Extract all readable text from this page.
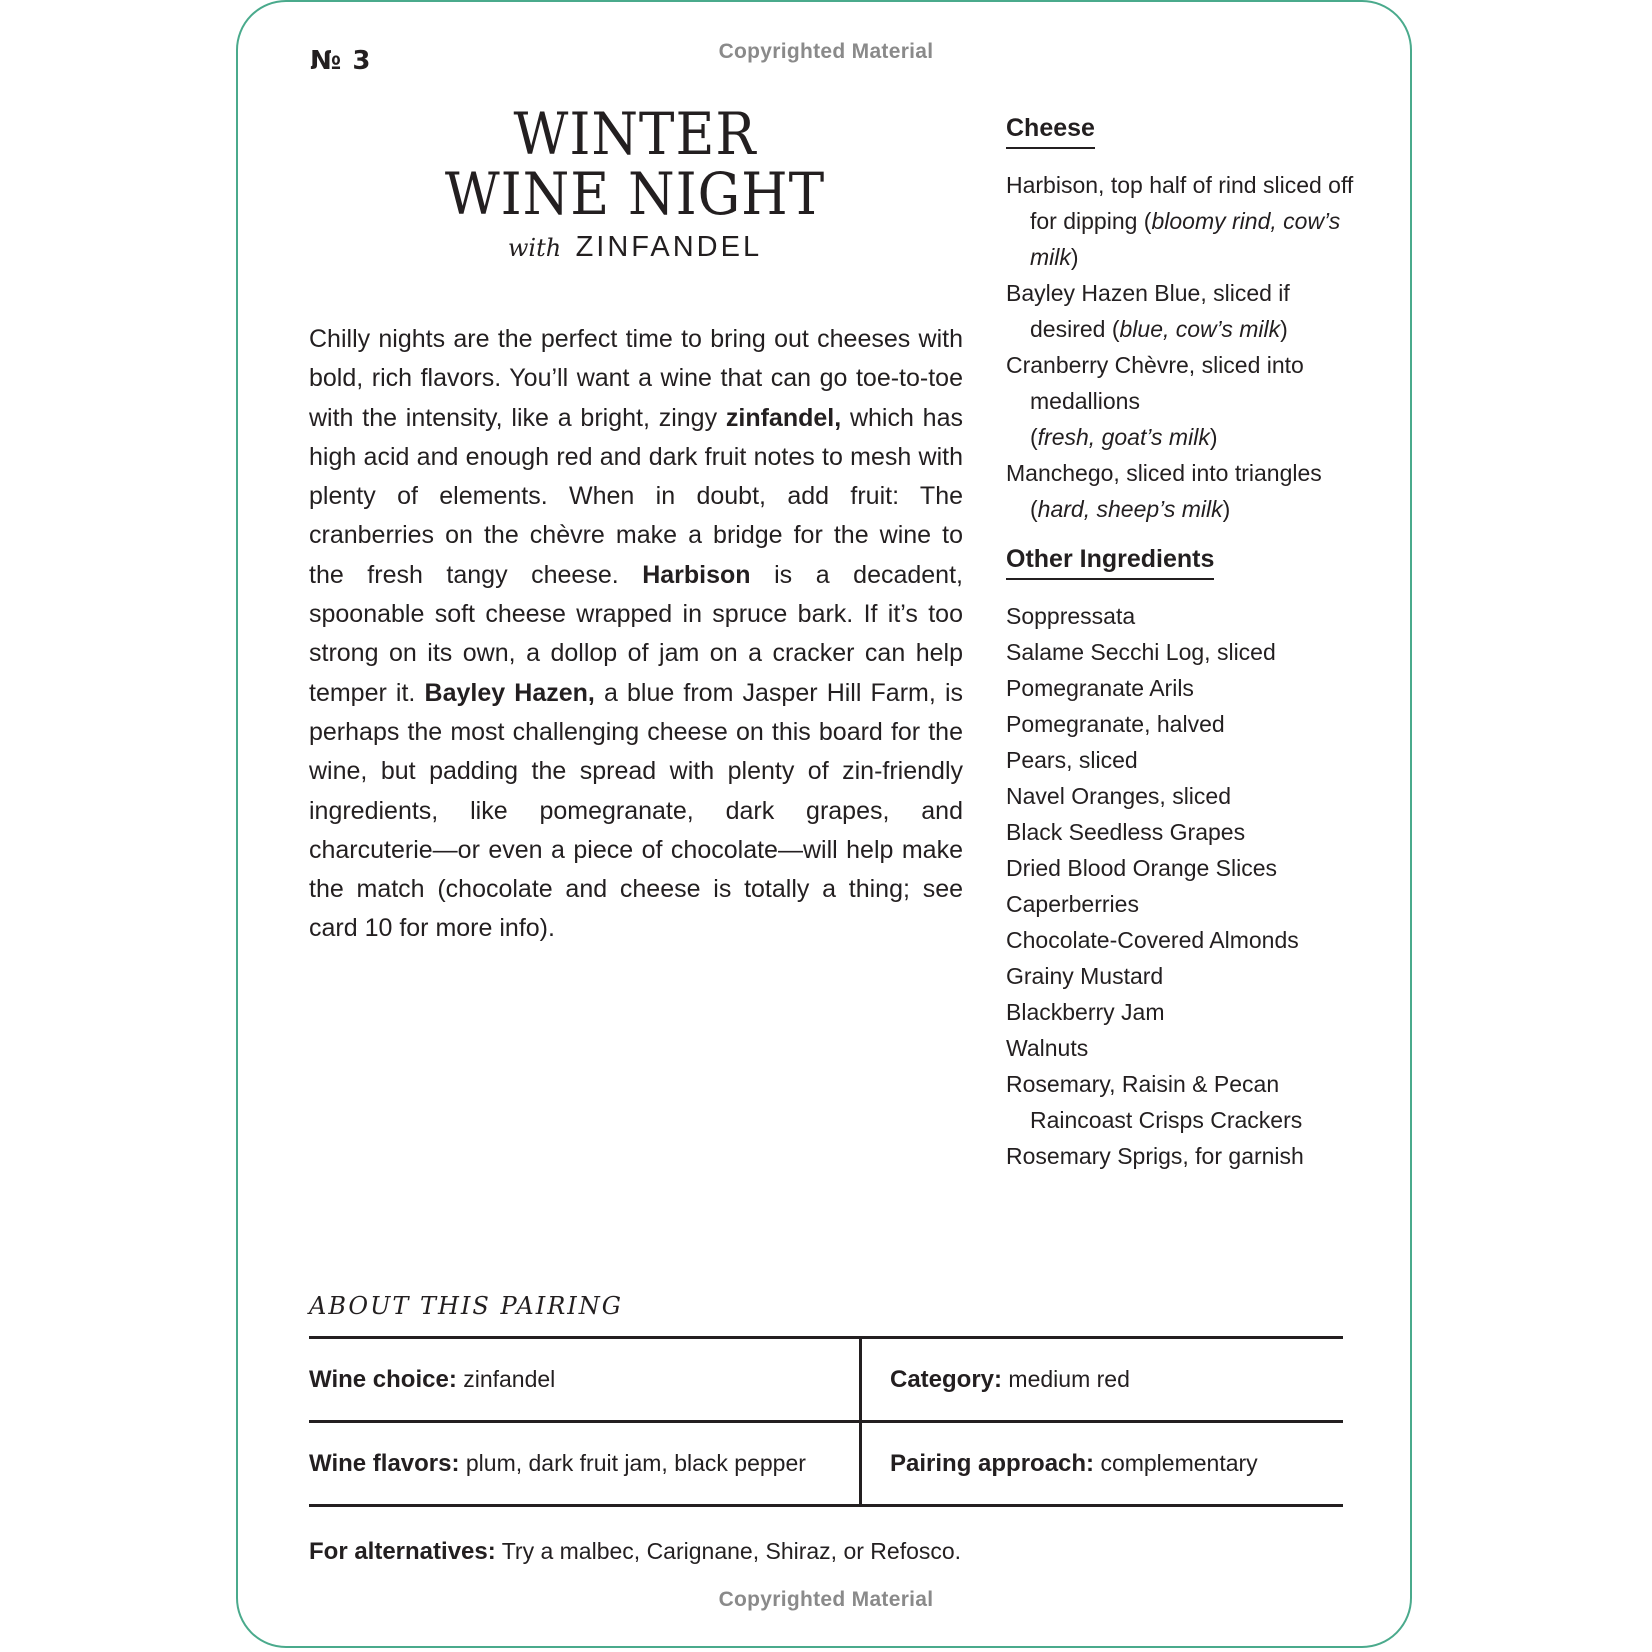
Copyrighted Material
№ 3
WINTER
WINE NIGHT
with ZINFANDEL
Chilly nights are the perfect time to bring out cheeses with bold, rich flavors. You’ll want a wine that can go toe-to-toe with the intensity, like a bright, zingy zinfandel, which has high acid and enough red and dark fruit notes to mesh with plenty of elements. When in doubt, add fruit: The cranberries on the chèvre make a bridge for the wine to the fresh tangy cheese. Harbison is a decadent, spoonable soft cheese wrapped in spruce bark. If it’s too strong on its own, a dollop of jam on a cracker can help temper it. Bayley Hazen, a blue from Jasper Hill Farm, is perhaps the most challenging cheese on this board for the wine, but padding the spread with plenty of zin-friendly ingredients, like pomegranate, dark grapes, and charcuterie—or even a piece of chocolate—will help make the match (chocolate and cheese is totally a thing; see card 10 for more info).
Cheese
Harbison, top half of rind sliced off for dipping (bloomy rind, cow’s milk)
Bayley Hazen Blue, sliced if desired (blue, cow’s milk)
Cranberry Chèvre, sliced into medallions
(fresh, goat’s milk)
Manchego, sliced into triangles
(hard, sheep’s milk)
Other Ingredients
Soppressata
Salame Secchi Log, sliced
Pomegranate Arils
Pomegranate, halved
Pears, sliced
Navel Oranges, sliced
Black Seedless Grapes
Dried Blood Orange Slices
Caperberries
Chocolate-Covered Almonds
Grainy Mustard
Blackberry Jam
Walnuts
Rosemary, Raisin & Pecan Raincoast Crisps Crackers
Rosemary Sprigs, for garnish
ABOUT THIS PAIRING
Wine choice: zinfandel	Category: medium red
Wine flavors: plum, dark fruit jam, black pepper	Pairing approach: complementary
For alternatives: Try a malbec, Carignane, Shiraz, or Refosco.
Copyrighted Material
